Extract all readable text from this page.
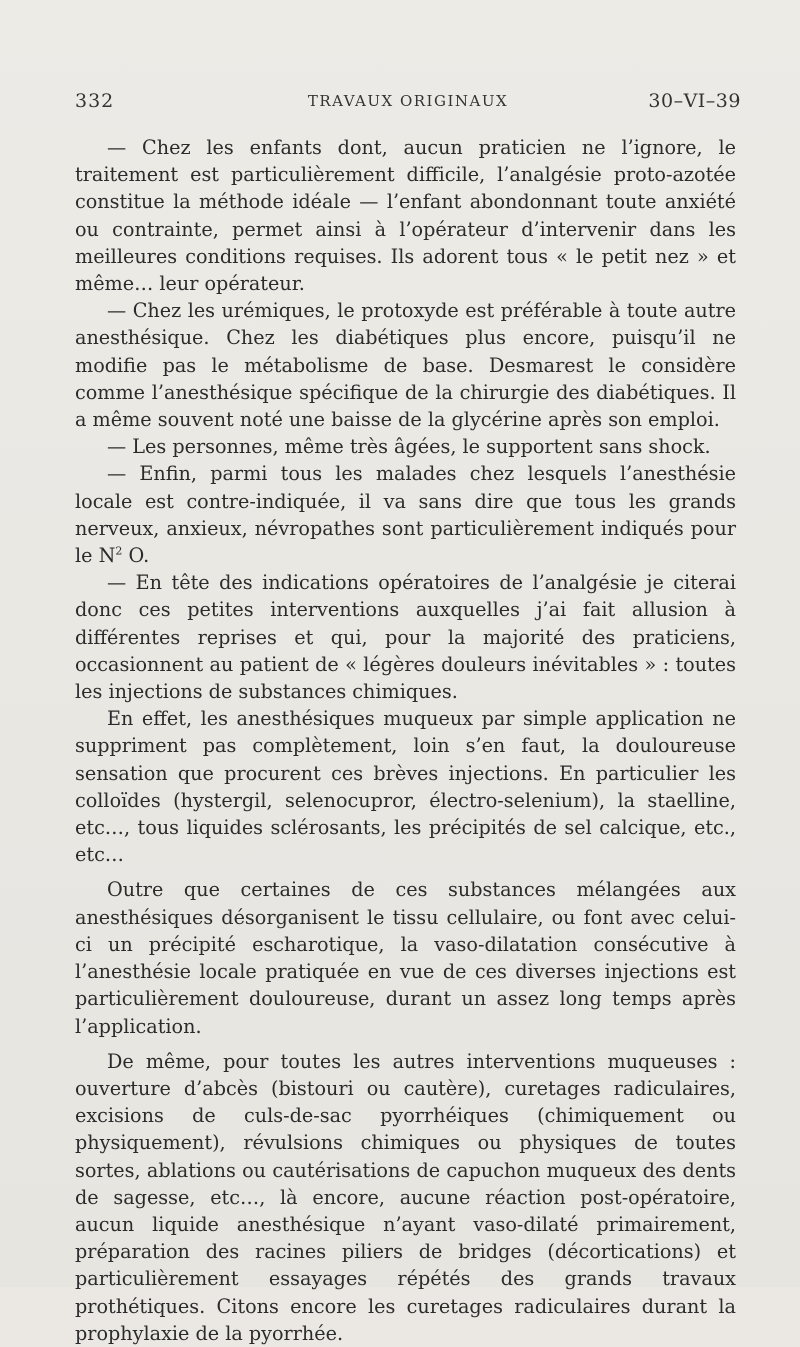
332	TRAVAUX ORIGINAUX	30–VI–39

— Chez les enfants dont, aucun praticien ne l’ignore, le traitement est particulièrement difficile, l’analgésie proto-azotée constitue la méthode idéale — l’enfant abondonnant toute anxiété ou contrainte, permet ainsi à l’opérateur d’intervenir dans les meilleures conditions requises. Ils adorent tous « le petit nez » et même… leur opérateur.

— Chez les urémiques, le protoxyde est préférable à toute autre anesthésique. Chez les diabétiques plus encore, puisqu’il ne modifie pas le métabolisme de base. Desmarest le considère comme l’anesthésique spécifique de la chirurgie des diabétiques. Il a même souvent noté une baisse de la glycérine après son emploi.

— Les personnes, même très âgées, le supportent sans shock.

— Enfin, parmi tous les malades chez lesquels l’anesthésie locale est contre-indiquée, il va sans dire que tous les grands nerveux, anxieux, névropathes sont particulièrement indiqués pour le $N^2$ O.

— En tête des indications opératoires de l’analgésie je citerai donc ces petites interventions auxquelles j’ai fait allusion à différentes reprises et qui, pour la majorité des praticiens, occasionnent au patient de « légères douleurs inévitables » : toutes les injections de substances chimiques.

En effet, les anesthésiques muqueux par simple application ne suppriment pas complètement, loin s’en faut, la douloureuse sensation que procurent ces brèves injections. En particulier les colloïdes (hystergil, selenocupror, électro-selenium), la staelline, etc…, tous liquides sclérosants, les précipités de sel calcique, etc., etc…

Outre que certaines de ces substances mélangées aux anesthésiques désorganisent le tissu cellulaire, ou font avec celui-ci un précipité escharotique, la vaso-dilatation consécutive à l’anesthésie locale pratiquée en vue de ces diverses injections est particulièrement douloureuse, durant un assez long temps après l’application.

De même, pour toutes les autres interventions muqueuses : ouverture d’abcès (bistouri ou cautère), curetages radiculaires, excisions de culs-de-sac pyorrhéiques (chimiquement ou physiquement), révulsions chimiques ou physiques de toutes sortes, ablations ou cautérisations de capuchon muqueux des dents de sagesse, etc…, là encore, aucune réaction post-opératoire, aucun liquide anesthésique n’ayant vaso-dilaté primairement, préparation des racines piliers de bridges (décortications) et particulièrement essayages répétés des grands travaux prothétiques. Citons encore les curetages radiculaires durant la prophylaxie de la pyorrhée.
